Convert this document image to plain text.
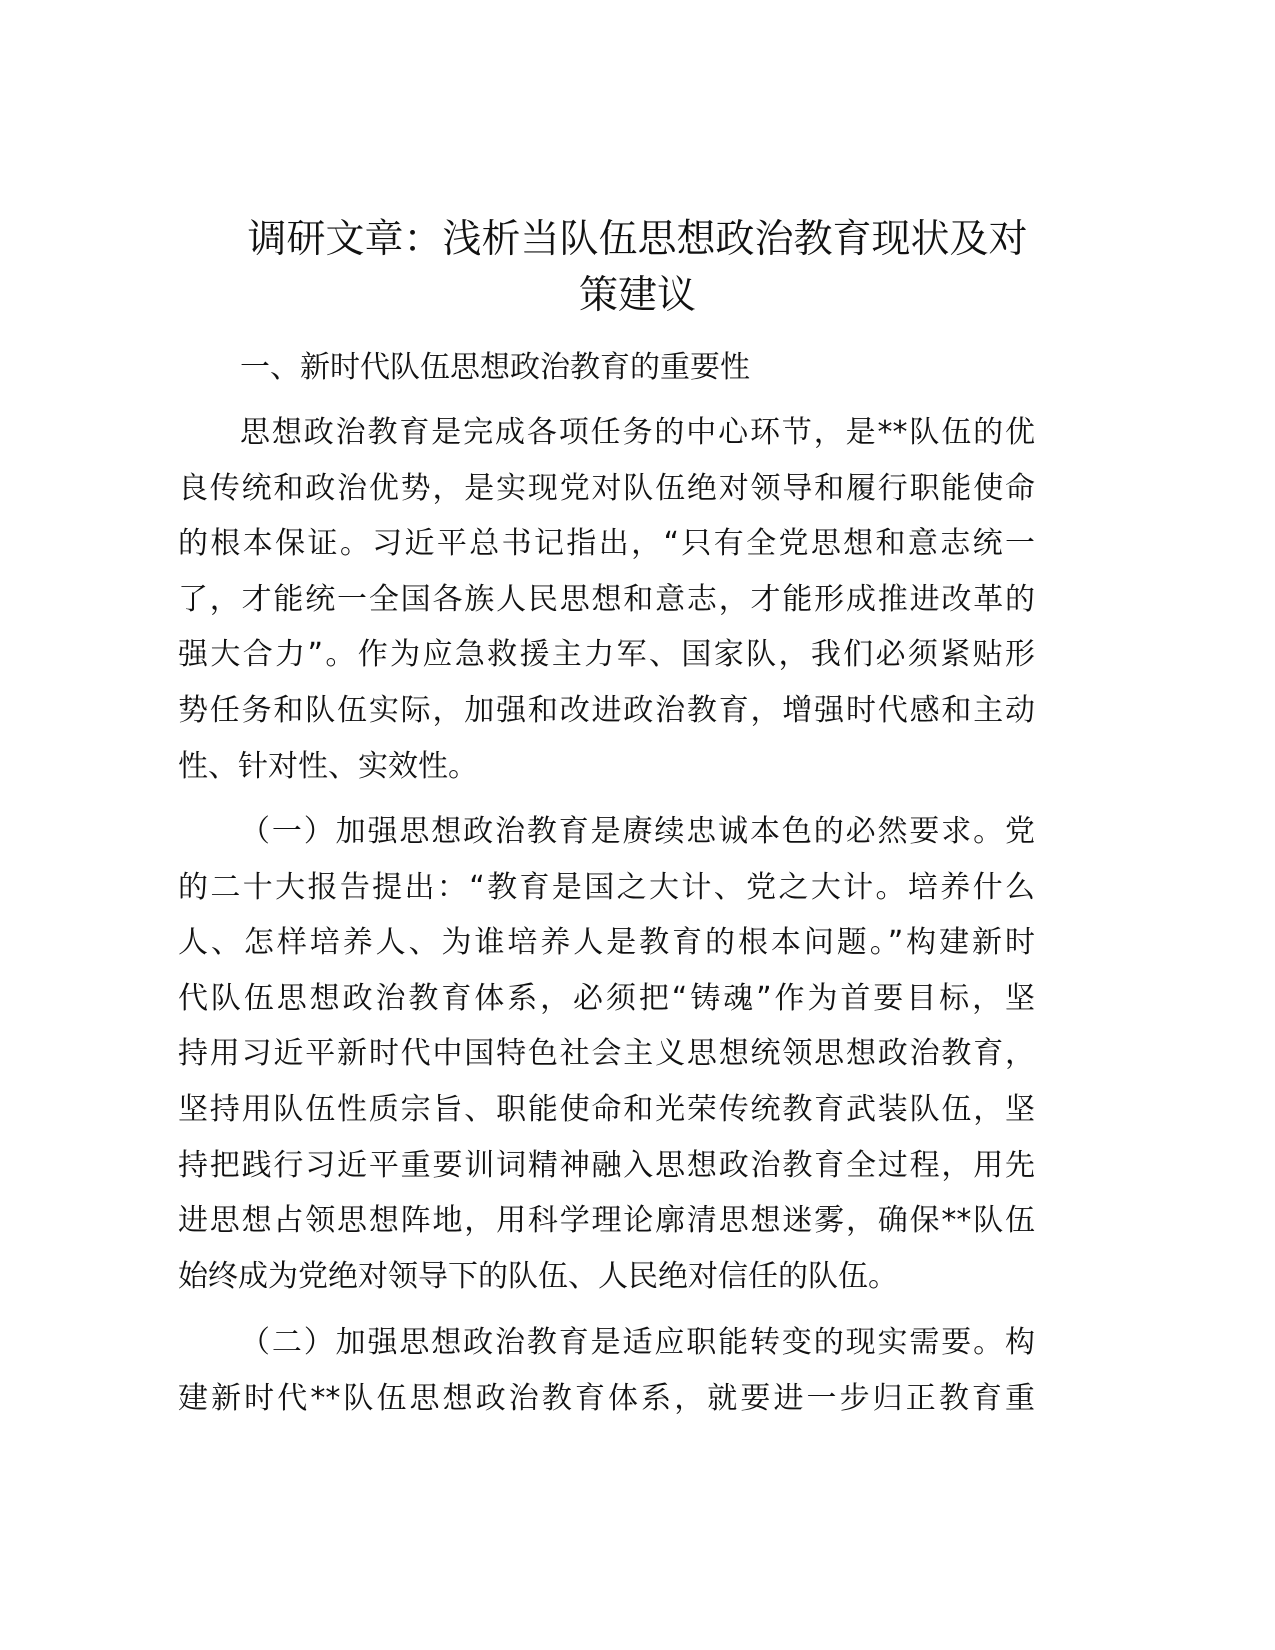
调研文章：浅析当队伍思想政治教育现状及对
策建议
一、新时代队伍思想政治教育的重要性
思想政治教育是完成各项任务的中心环节，是**队伍的优
良传统和政治优势，是实现党对队伍绝对领导和履行职能使命
的根本保证。习近平总书记指出，“只有全党思想和意志统一
了，才能统一全国各族人民思想和意志，才能形成推进改革的
强大合力”。作为应急救援主力军、国家队，我们必须紧贴形
势任务和队伍实际，加强和改进政治教育，增强时代感和主动
性、针对性、实效性。
（一）加强思想政治教育是赓续忠诚本色的必然要求。党
的二十大报告提出：“教育是国之大计、党之大计。培养什么
人、怎样培养人、为谁培养人是教育的根本问题。”构建新时
代队伍思想政治教育体系，必须把“铸魂”作为首要目标，坚
持用习近平新时代中国特色社会主义思想统领思想政治教育，
坚持用队伍性质宗旨、职能使命和光荣传统教育武装队伍，坚
持把践行习近平重要训词精神融入思想政治教育全过程，用先
进思想占领思想阵地，用科学理论廓清思想迷雾，确保**队伍
始终成为党绝对领导下的队伍、人民绝对信任的队伍。
（二）加强思想政治教育是适应职能转变的现实需要。构
建新时代**队伍思想政治教育体系，就要进一步归正教育重
